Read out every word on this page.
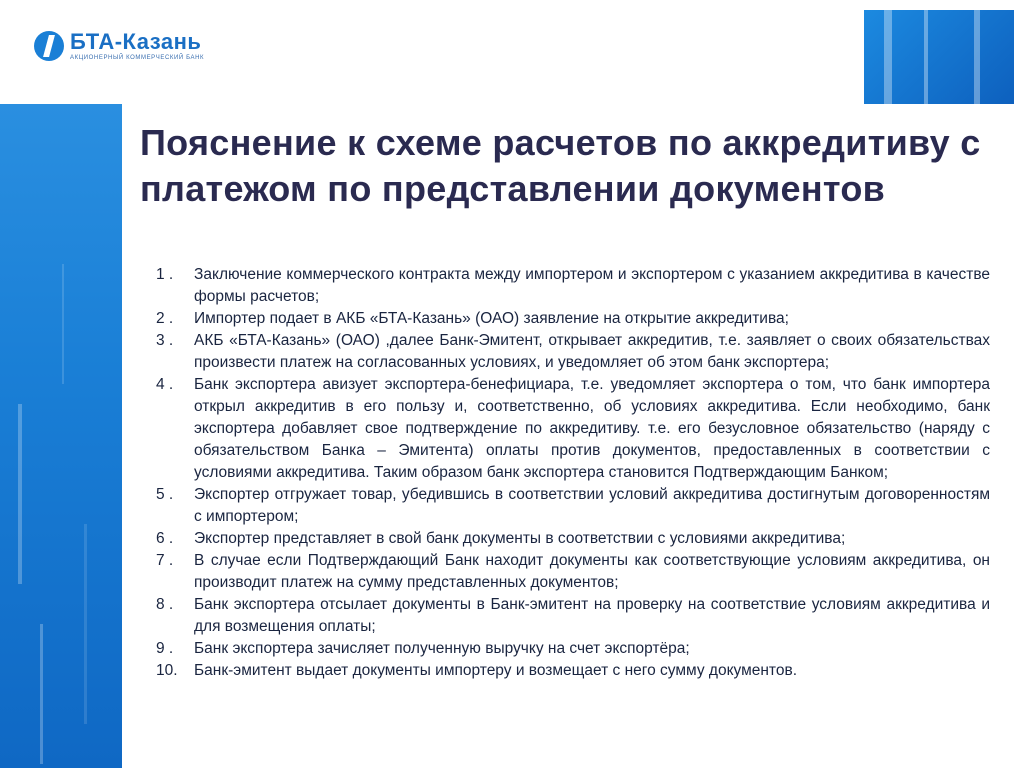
БТА-Казань
АКЦИОНЕРНЫЙ КОММЕРЧЕСКИЙ БАНК
Пояснение к схеме расчетов по аккредитиву с платежом по представлении документов
1 .	Заключение коммерческого контракта между импортером и экспортером с указанием аккредитива в качестве формы расчетов;
2 .	Импортер подает в АКБ «БТА-Казань» (ОАО) заявление на открытие аккредитива;
3 .	АКБ «БТА-Казань» (ОАО) ,далее Банк-Эмитент, открывает аккредитив, т.е. заявляет о своих обязательствах произвести платеж на согласованных условиях, и уведомляет об этом банк экспортера;
4 .	Банк экспортера авизует экспортера-бенефициара, т.е. уведомляет экспортера о том, что банк импортера открыл аккредитив в его пользу и, соответственно, об условиях аккредитива. Если необходимо, банк экспортера добавляет свое подтверждение по аккредитиву. т.е. его безусловное обязательство (наряду с обязательством Банка – Эмитента) оплаты против документов, предоставленных в соответствии с условиями аккредитива. Таким образом банк экспортера становится Подтверждающим Банком;
5 .	Экспортер отгружает товар, убедившись в соответствии условий аккредитива достигнутым договоренностям с импортером;
6 .	Экспортер представляет в свой банк документы в соответствии с условиями аккредитива;
7 .	В случае если Подтверждающий Банк находит документы как соответствующие условиям аккредитива, он производит платеж на сумму представленных документов;
8 .	Банк экспортера отсылает документы в Банк-эмитент на проверку на соответствие условиям аккредитива и для возмещения оплаты;
9 .	Банк экспортера зачисляет полученную выручку на счет экспортёра;
10.	Банк-эмитент выдает документы импортеру и возмещает с него сумму документов.
